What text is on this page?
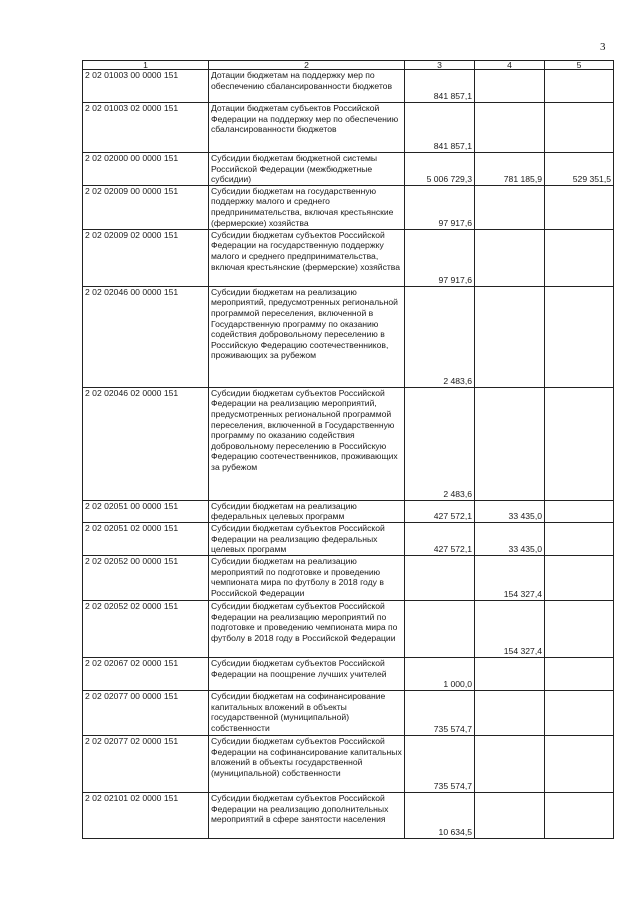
3
1	2	3	4	5
2 02 01003 00 0000 151	Дотации бюджетам на поддержку мер по обеспечению сбалансированности бюджетов	841 857,1		
2 02 01003 02 0000 151	Дотации бюджетам субъектов Российской Федерации на поддержку мер по обеспечению сбалансированности бюджетов	841 857,1		
2 02 02000 00 0000 151	Субсидии бюджетам бюджетной системы Российской Федерации (межбюджетные субсидии)	5 006 729,3	781 185,9	529 351,5
2 02 02009 00 0000 151	Субсидии бюджетам на государственную поддержку малого и среднего предпринимательства, включая крестьянские (фермерские) хозяйства	97 917,6		
2 02 02009 02 0000 151	Субсидии бюджетам субъектов Российской Федерации на государственную поддержку малого и среднего предпринимательства, включая крестьянские (фермерские) хозяйства	97 917,6		
2 02 02046 00 0000 151	Субсидии бюджетам на реализацию мероприятий, предусмотренных региональной программой переселения, включенной в Государственную программу по оказанию содействия добровольному переселению в Российскую Федерацию соотечественников, проживающих за рубежом	2 483,6		
2 02 02046 02 0000 151	Субсидии бюджетам субъектов Российской Федерации на реализацию мероприятий, предусмотренных региональной программой переселения, включенной в Государственную программу по оказанию содействия добровольному переселению в Российскую Федерацию соотечественников, проживающих за рубежом	2 483,6		
2 02 02051 00 0000 151	Субсидии бюджетам на реализацию федеральных целевых программ	427 572,1	33 435,0	
2 02 02051 02 0000 151	Субсидии бюджетам субъектов Российской Федерации на реализацию федеральных целевых программ	427 572,1	33 435,0	
2 02 02052 00 0000 151	Субсидии бюджетам на реализацию мероприятий по подготовке и проведению чемпионата мира по футболу в 2018 году в Российской Федерации		154 327,4	
2 02 02052 02 0000 151	Субсидии бюджетам субъектов Российской Федерации на реализацию мероприятий по подготовке и проведению чемпионата мира по футболу в 2018 году в Российской Федерации		154 327,4	
2 02 02067 02 0000 151	Субсидии бюджетам субъектов Российской Федерации на поощрение лучших учителей	1 000,0		
2 02 02077 00 0000 151	Субсидии бюджетам на софинансирование капитальных вложений в объекты государственной (муниципальной) собственности	735 574,7		
2 02 02077 02 0000 151	Субсидии бюджетам субъектов Российской Федерации на софинансирование капитальных вложений в объекты государственной (муниципальной) собственности	735 574,7		
2 02 02101 02 0000 151	Субсидии бюджетам субъектов Российской Федерации на реализацию дополнительных мероприятий в сфере занятости населения	10 634,5		
